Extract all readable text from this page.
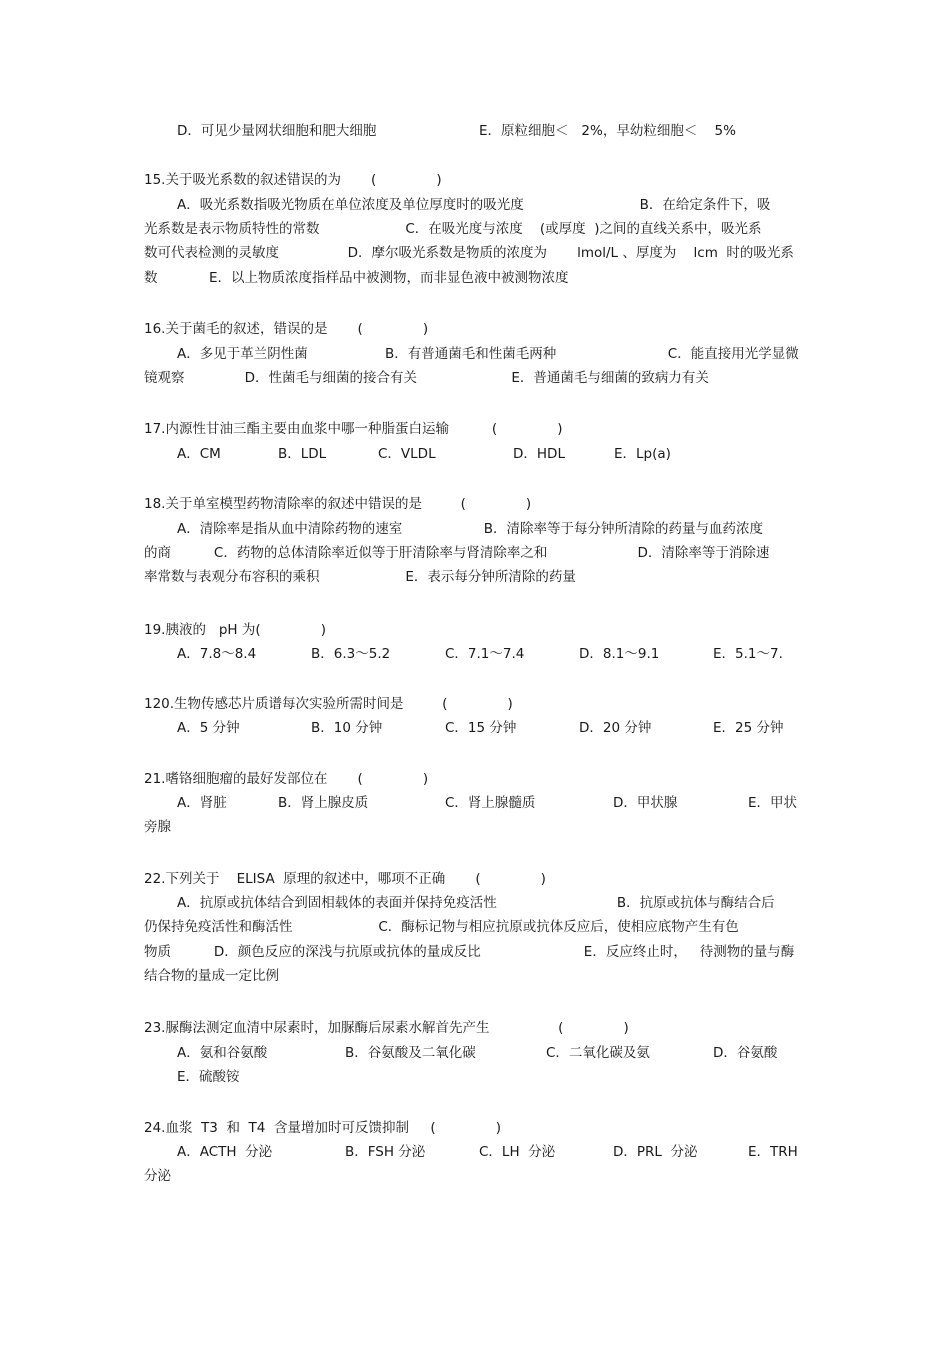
D．可见少量网状细胞和肥大细胞

	E．原粒细胞＜   2%，早幼粒细胞＜    5%

15.关于吸光系数的叙述错误的为       (              )
A．吸光系数指吸光物质在单位浓度及单位厚度时的吸光度                           B．在给定条件下，吸
光系数是表示物质特性的常数                    C．在吸光度与浓度    (或厚度  )之间的直线关系中，吸光系
数可代表检测的灵敏度                D．摩尔吸光系数是物质的浓度为       lmol/L 、厚度为    lcm  时的吸光系
数            E．以上物质浓度指样品中被测物，而非显色液中被测物浓度
16.关于菌毛的叙述，错误的是       (              )
A．多见于革兰阴性菌                  B．有普通菌毛和性菌毛两种                          C．能直接用光学显微
镜观察              D．性菌毛与细菌的接合有关                      E．普通菌毛与细菌的致病力有关
17.内源性甘油三酯主要由血浆中哪一种脂蛋白运输          (              )

A．CM

	B．LDL

	C．VLDL

	D．HDL

	E．Lp(a)

18.关于单室模型药物清除率的叙述中错误的是         (              )
A．清除率是指从血中清除药物的速室                   B．清除率等于每分钟所清除的药量与血药浓度
的商          C．药物的总体清除率近似等于肝清除率与肾清除率之和                     D．清除率等于消除速
率常数与表观分布容积的乘积                    E．表示每分钟所清除的药量
19.胰液的   pH 为(              )

A．7.8～8.4

	B．6.3～5.2

	C．7.1～7.4

	D．8.1～9.1

	E．5.1～7.

120.生物传感芯片质谱每次实验所需时间是         (              )

A．5 分钟

	B．10 分钟

	C．15 分钟

	D．20 分钟

	E．25 分钟

21.嗜铬细胞瘤的最好发部位在       (              )

A．肾脏

	B．肾上腺皮质

	C．肾上腺髓质

	D．甲状腺

	E．甲状

旁腺
22.下列关于    ELISA  原理的叙述中，哪项不正确       (              )
A．抗原或抗体结合到固相载体的表面并保持免疫活性                            B．抗原或抗体与酶结合后
仍保持免疫活性和酶活性                    C．酶标记物与相应抗原或抗体反应后，使相应底物产生有色
物质          D．颜色反应的深浅与抗原或抗体的量成反比                        E．反应终止时，   待测物的量与酶
结合物的量成一定比例
23.脲酶法测定血清中尿素时，加脲酶后尿素水解首先产生                (              )

A．氨和谷氨酸

	B．谷氨酸及二氧化碳

	C．二氧化碳及氨

	D．谷氨酸

E．硫酸铵
24.血浆  T3  和  T4  含量增加时可反馈抑制     (              )

A．ACTH  分泌

	B．FSH 分泌

	C．LH  分泌

	D．PRL  分泌

	E．TRH

分泌
